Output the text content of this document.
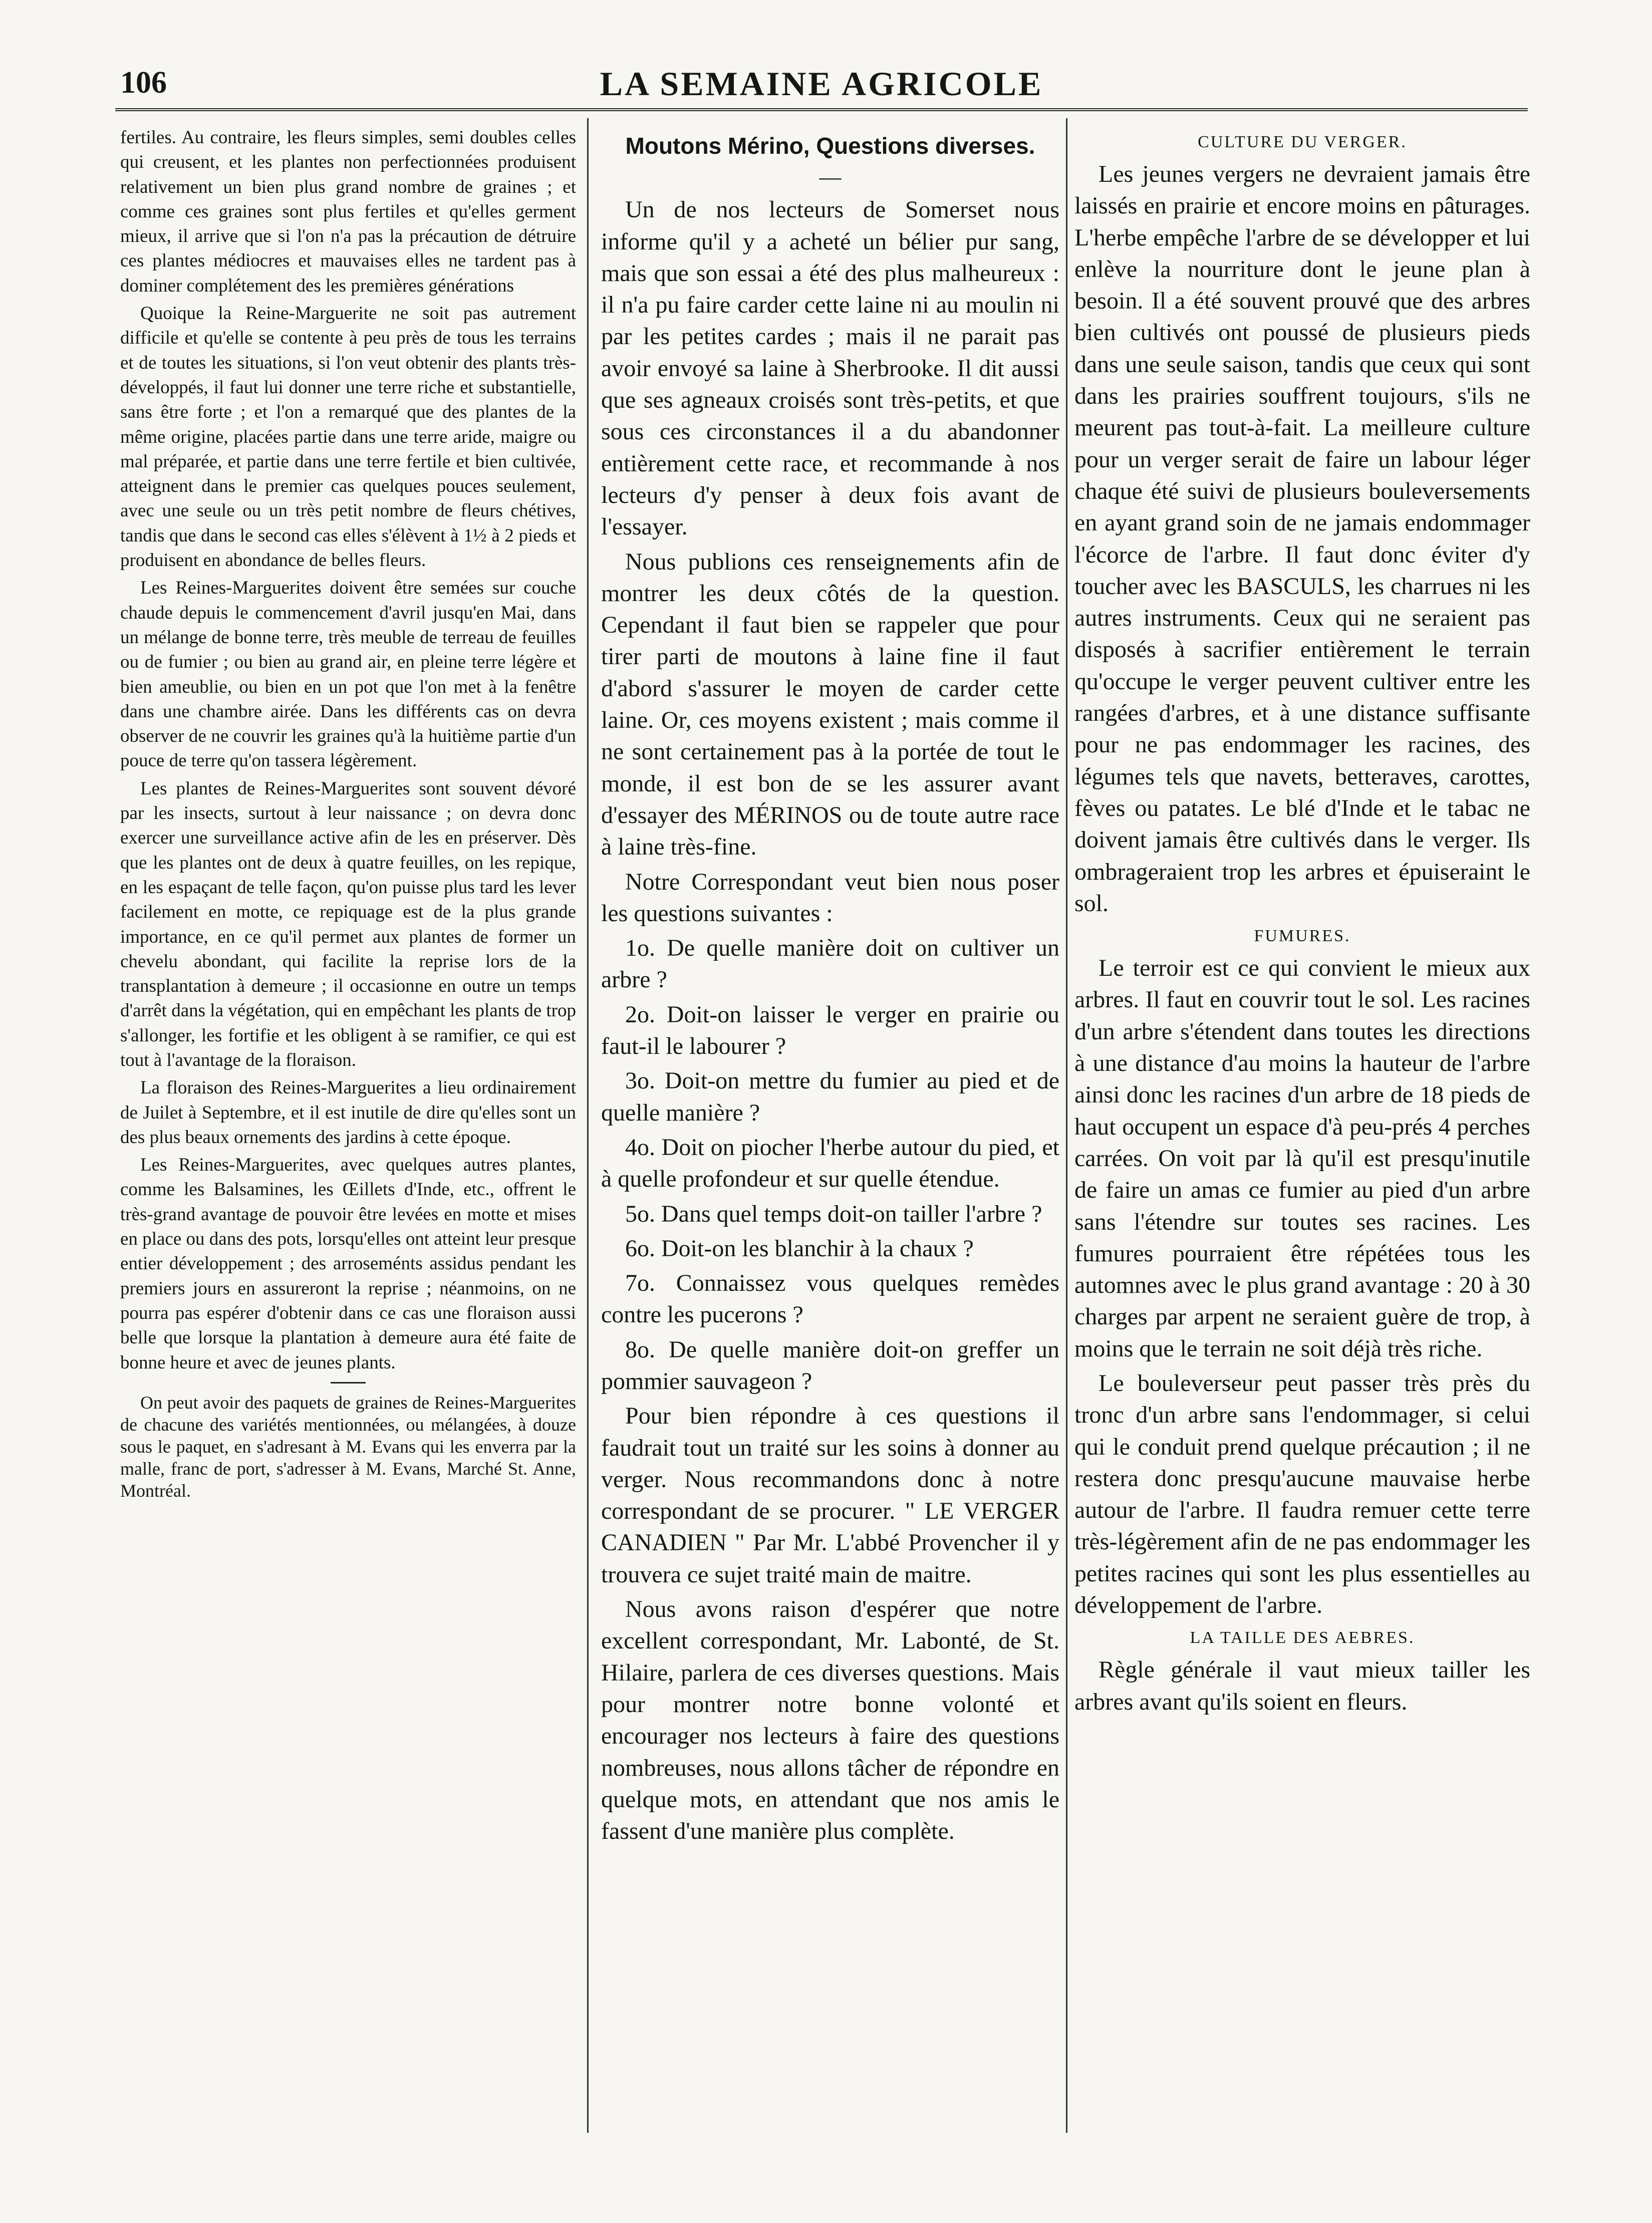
106	LA SEMAINE AGRICOLE

fertiles. Au contraire, les fleurs simples, semi doubles celles qui creusent, et les plantes non perfectionnées produisent relativement un bien plus grand nombre de graines ; et comme ces graines sont plus fertiles et qu'elles germent mieux, il arrive que si l'on n'a pas la précaution de détruire ces plantes médiocres et mauvaises elles ne tardent pas à dominer complétement des les premières générations

Quoique la Reine-Marguerite ne soit pas autrement difficile et qu'elle se contente à peu près de tous les terrains et de toutes les situations, si l'on veut obtenir des plants très-développés, il faut lui donner une terre riche et substantielle, sans être forte ; et l'on a remarqué que des plantes de la même origine, placées partie dans une terre aride, maigre ou mal préparée, et partie dans une terre fertile et bien cultivée, atteignent dans le premier cas quelques pouces seulement, avec une seule ou un très petit nombre de fleurs chétives, tandis que dans le second cas elles s'élèvent à 1½ à 2 pieds et produisent en abondance de belles fleurs.

Les Reines-Marguerites doivent être semées sur couche chaude depuis le commencement d'avril jusqu'en Mai, dans un mélange de bonne terre, très meuble de terreau de feuilles ou de fumier ; ou bien au grand air, en pleine terre légère et bien ameublie, ou bien en un pot que l'on met à la fenêtre dans une chambre airée. Dans les différents cas on devra observer de ne couvrir les graines qu'à la huitième partie d'un pouce de terre qu'on tassera légèrement.

Les plantes de Reines-Marguerites sont souvent dévoré par les insects, surtout à leur naissance ; on devra donc exercer une surveillance active afin de les en préserver. Dès que les plantes ont de deux à quatre feuilles, on les repique, en les espaçant de telle façon, qu'on puisse plus tard les lever facilement en motte, ce repiquage est de la plus grande importance, en ce qu'il permet aux plantes de former un chevelu abondant, qui facilite la reprise lors de la transplantation à demeure ; il occasionne en outre un temps d'arrêt dans la végétation, qui en empêchant les plants de trop s'allonger, les fortifie et les obligent à se ramifier, ce qui est tout à l'avantage de la floraison.

La floraison des Reines-Marguerites a lieu ordinairement de Juilet à Septembre, et il est inutile de dire qu'elles sont un des plus beaux ornements des jardins à cette époque.

Les Reines-Marguerites, avec quelques autres plantes, comme les Balsamines, les Œillets d'Inde, etc., offrent le très-grand avantage de pouvoir être levées en motte et mises en place ou dans des pots, lorsqu'elles ont atteint leur presque entier développement ; des arroseménts assidus pendant les premiers jours en assureront la reprise ; néanmoins, on ne pourra pas espérer d'obtenir dans ce cas une floraison aussi belle que lorsque la plantation à demeure aura été faite de bonne heure et avec de jeunes plants.

On peut avoir des paquets de graines de Reines-Marguerites de chacune des variétés mentionnées, ou mélangées, à douze sous le paquet, en s'adresant à M. Evans qui les enverra par la malle, franc de port, s'adresser à M. Evans, Marché St. Anne, Montréal.

Moutons Mérino, Questions diverses.
—

Un de nos lecteurs de Somerset nous informe qu'il y a acheté un bélier pur sang, mais que son essai a été des plus malheureux : il n'a pu faire carder cette laine ni au moulin ni par les petites cardes ; mais il ne parait pas avoir envoyé sa laine à Sherbrooke. Il dit aussi que ses agneaux croisés sont très-petits, et que sous ces circonstances il a du abandonner entièrement cette race, et recommande à nos lecteurs d'y penser à deux fois avant de l'essayer.

Nous publions ces renseignements afin de montrer les deux côtés de la question. Cependant il faut bien se rappeler que pour tirer parti de moutons à laine fine il faut d'abord s'assurer le moyen de carder cette laine. Or, ces moyens existent ; mais comme il ne sont certainement pas à la portée de tout le monde, il est bon de se les assurer avant d'essayer des MÉRINOS ou de toute autre race à laine très-fine.

Notre Correspondant veut bien nous poser les questions suivantes :

1o. De quelle manière doit on cultiver un arbre ?

2o. Doit-on laisser le verger en prairie ou faut-il le labourer ?

3o. Doit-on mettre du fumier au pied et de quelle manière ?

4o. Doit on piocher l'herbe autour du pied, et à quelle profondeur et sur quelle étendue.

5o. Dans quel temps doit-on tailler l'arbre ?

6o. Doit-on les blanchir à la chaux ?

7o. Connaissez vous quelques remèdes contre les pucerons ?

8o. De quelle manière doit-on greffer un pommier sauvageon ?

Pour bien répondre à ces questions il faudrait tout un traité sur les soins à donner au verger. Nous recommandons donc à notre correspondant de se procurer. " LE VERGER CANADIEN " Par Mr. L'abbé Provencher il y trouvera ce sujet traité main de maitre.

Nous avons raison d'espérer que notre excellent correspondant, Mr. Labonté, de St. Hilaire, parlera de ces diverses questions. Mais pour montrer notre bonne volonté et encourager nos lecteurs à faire des questions nombreuses, nous allons tâcher de répondre en quelque mots, en attendant que nos amis le fassent d'une manière plus complète.

CULTURE DU VERGER.

Les jeunes vergers ne devraient jamais être laissés en prairie et encore moins en pâturages. L'herbe empêche l'arbre de se développer et lui enlève la nourriture dont le jeune plan à besoin. Il a été souvent prouvé que des arbres bien cultivés ont poussé de plusieurs pieds dans une seule saison, tandis que ceux qui sont dans les prairies souffrent toujours, s'ils ne meurent pas tout-à-fait. La meilleure culture pour un verger serait de faire un labour léger chaque été suivi de plusieurs bouleversements en ayant grand soin de ne jamais endommager l'écorce de l'arbre. Il faut donc éviter d'y toucher avec les BASCULS, les charrues ni les autres instruments. Ceux qui ne seraient pas disposés à sacrifier entièrement le terrain qu'occupe le verger peuvent cultiver entre les rangées d'arbres, et à une distance suffisante pour ne pas endommager les racines, des légumes tels que navets, betteraves, carottes, fèves ou patates. Le blé d'Inde et le tabac ne doivent jamais être cultivés dans le verger. Ils ombrageraient trop les arbres et épuiseraint le sol.

FUMURES.

Le terroir est ce qui convient le mieux aux arbres. Il faut en couvrir tout le sol. Les racines d'un arbre s'étendent dans toutes les directions à une distance d'au moins la hauteur de l'arbre ainsi donc les racines d'un arbre de 18 pieds de haut occupent un espace d'à peu-prés 4 perches carrées. On voit par là qu'il est presqu'inutile de faire un amas ce fumier au pied d'un arbre sans l'étendre sur toutes ses racines. Les fumures pourraient être répétées tous les automnes avec le plus grand avantage : 20 à 30 charges par arpent ne seraient guère de trop, à moins que le terrain ne soit déjà très riche.

Le bouleverseur peut passer très près du tronc d'un arbre sans l'endommager, si celui qui le conduit prend quelque précaution ; il ne restera donc presqu'aucune mauvaise herbe autour de l'arbre. Il faudra remuer cette terre très-légèrement afin de ne pas endommager les petites racines qui sont les plus essentielles au développement de l'arbre.

LA TAILLE DES AEBRES.

Règle générale il vaut mieux tailler les arbres avant qu'ils soient en fleurs.
